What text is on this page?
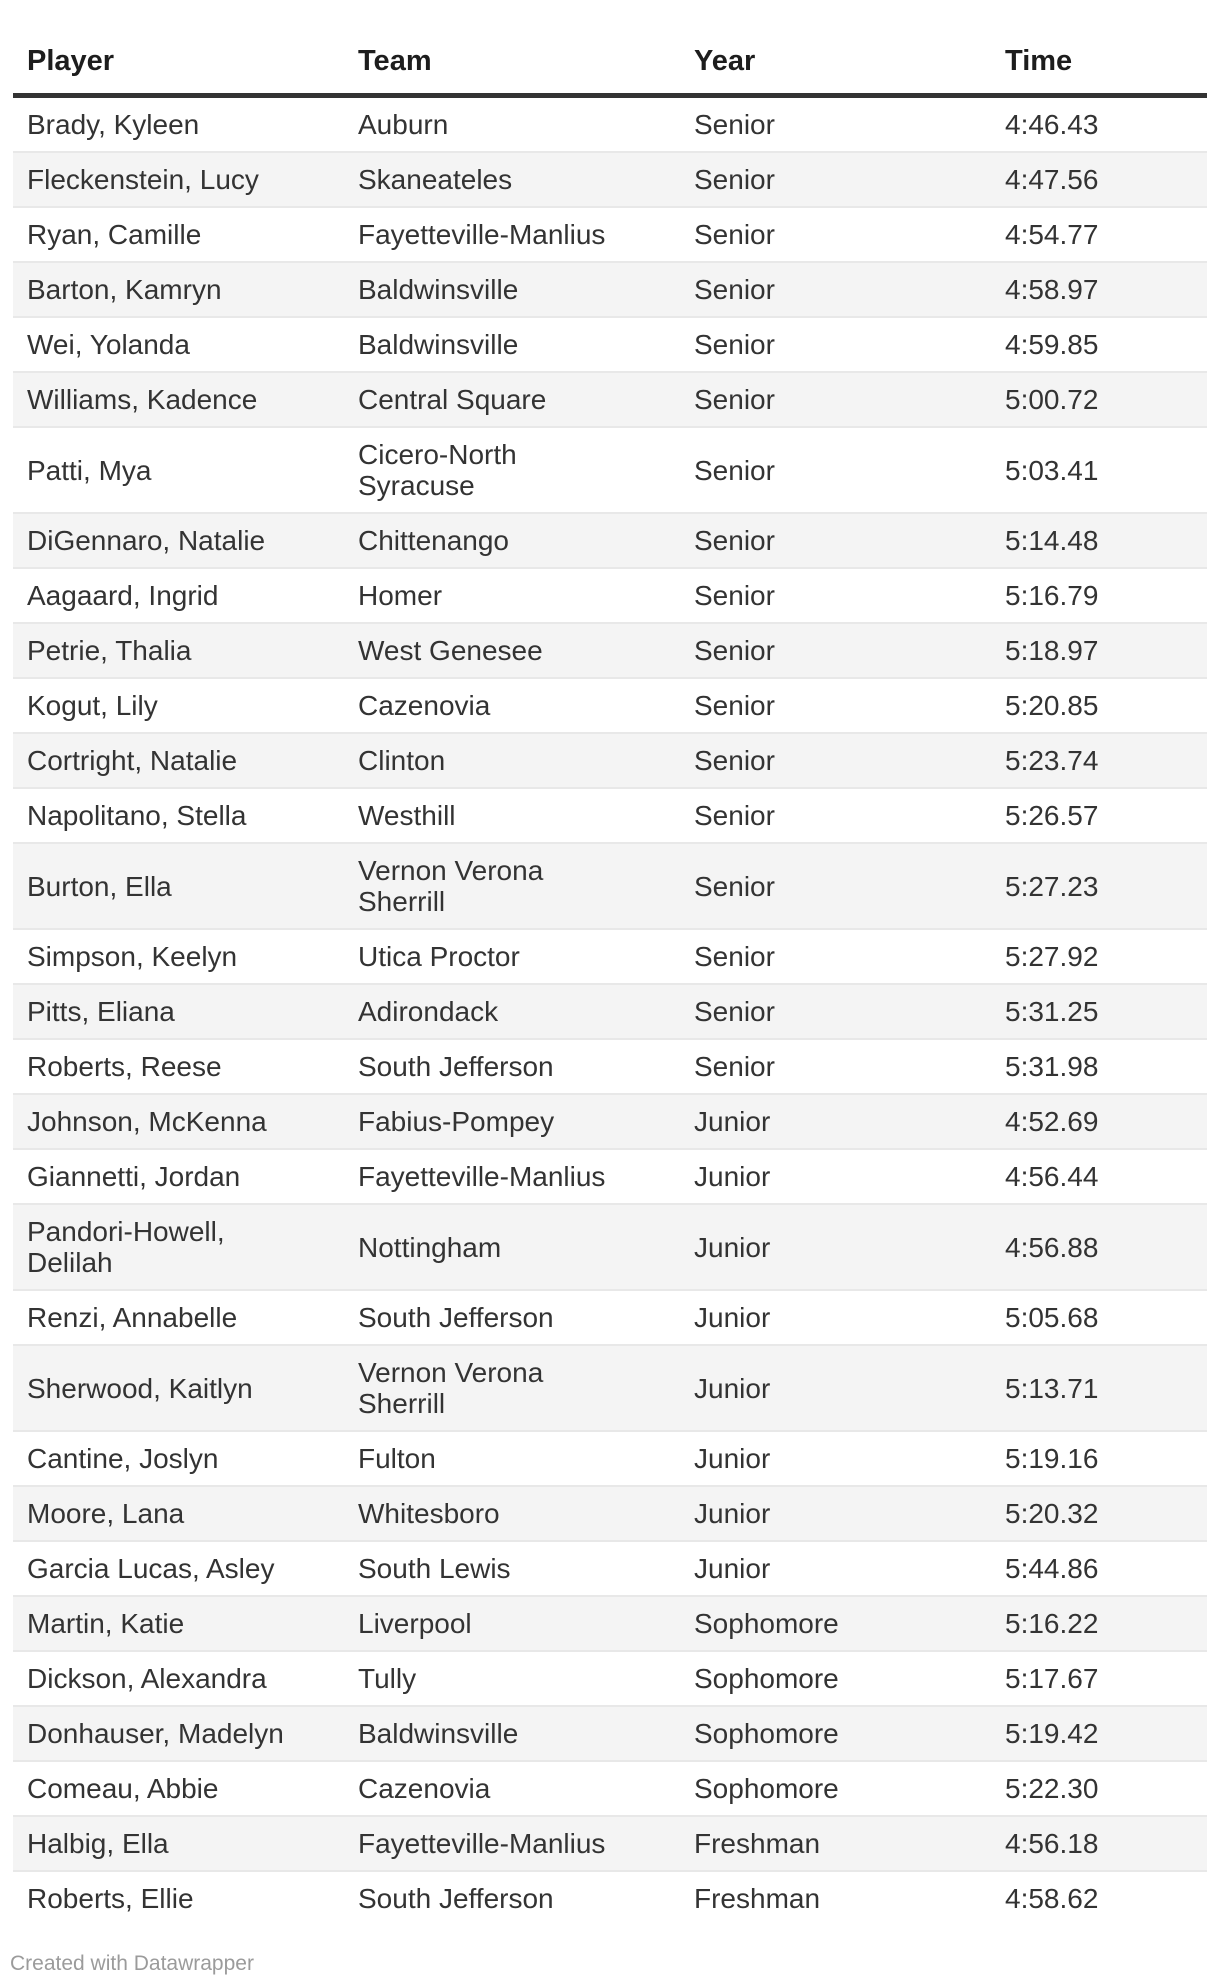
Player	Team	Year	Time
Brady, Kyleen	Auburn	Senior	4:46.43
Fleckenstein, Lucy	Skaneateles	Senior	4:47.56
Ryan, Camille	Fayetteville-Manlius	Senior	4:54.77
Barton, Kamryn	Baldwinsville	Senior	4:58.97
Wei, Yolanda	Baldwinsville	Senior	4:59.85
Williams, Kadence	Central Square	Senior	5:00.72
Patti, Mya	Cicero-North Syracuse	Senior	5:03.41
DiGennaro, Natalie	Chittenango	Senior	5:14.48
Aagaard, Ingrid	Homer	Senior	5:16.79
Petrie, Thalia	West Genesee	Senior	5:18.97
Kogut, Lily	Cazenovia	Senior	5:20.85
Cortright, Natalie	Clinton	Senior	5:23.74
Napolitano, Stella	Westhill	Senior	5:26.57
Burton, Ella	Vernon Verona Sherrill	Senior	5:27.23
Simpson, Keelyn	Utica Proctor	Senior	5:27.92
Pitts, Eliana	Adirondack	Senior	5:31.25
Roberts, Reese	South Jefferson	Senior	5:31.98
Johnson, McKenna	Fabius-Pompey	Junior	4:52.69
Giannetti, Jordan	Fayetteville-Manlius	Junior	4:56.44
Pandori-Howell, Delilah	Nottingham	Junior	4:56.88
Renzi, Annabelle	South Jefferson	Junior	5:05.68
Sherwood, Kaitlyn	Vernon Verona Sherrill	Junior	5:13.71
Cantine, Joslyn	Fulton	Junior	5:19.16
Moore, Lana	Whitesboro	Junior	5:20.32
Garcia Lucas, Asley	South Lewis	Junior	5:44.86
Martin, Katie	Liverpool	Sophomore	5:16.22
Dickson, Alexandra	Tully	Sophomore	5:17.67
Donhauser, Madelyn	Baldwinsville	Sophomore	5:19.42
Comeau, Abbie	Cazenovia	Sophomore	5:22.30
Halbig, Ella	Fayetteville-Manlius	Freshman	4:56.18
Roberts, Ellie	South Jefferson	Freshman	4:58.62
Created with Datawrapper
